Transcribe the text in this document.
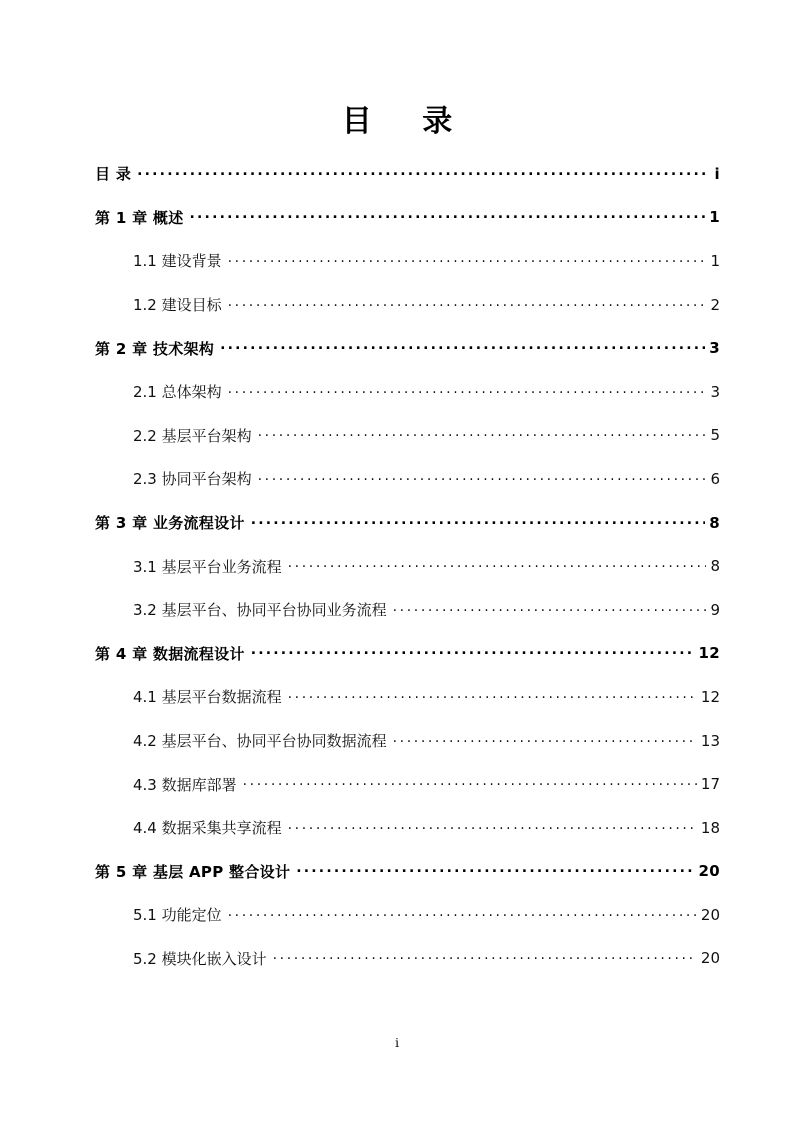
目 录
目 录 .....	i
第 1 章 概述 .....	1
1.1 建设背景 .....	1
1.2 建设目标 .....	2
第 2 章 技术架构 .....	3
2.1 总体架构 .....	3
2.2 基层平台架构 .....	5
2.3 协同平台架构 .....	6
第 3 章 业务流程设计 .....	8
3.1 基层平台业务流程 .....	8
3.2 基层平台、协同平台协同业务流程 .....	9
第 4 章 数据流程设计 .....	12
4.1 基层平台数据流程 .....	12
4.2 基层平台、协同平台协同数据流程 .....	13
4.3 数据库部署 .....	17
4.4 数据采集共享流程 .....	18
第 5 章 基层 APP 整合设计 .....	20
5.1 功能定位 .....	20
5.2 模块化嵌入设计 .....	20
i
